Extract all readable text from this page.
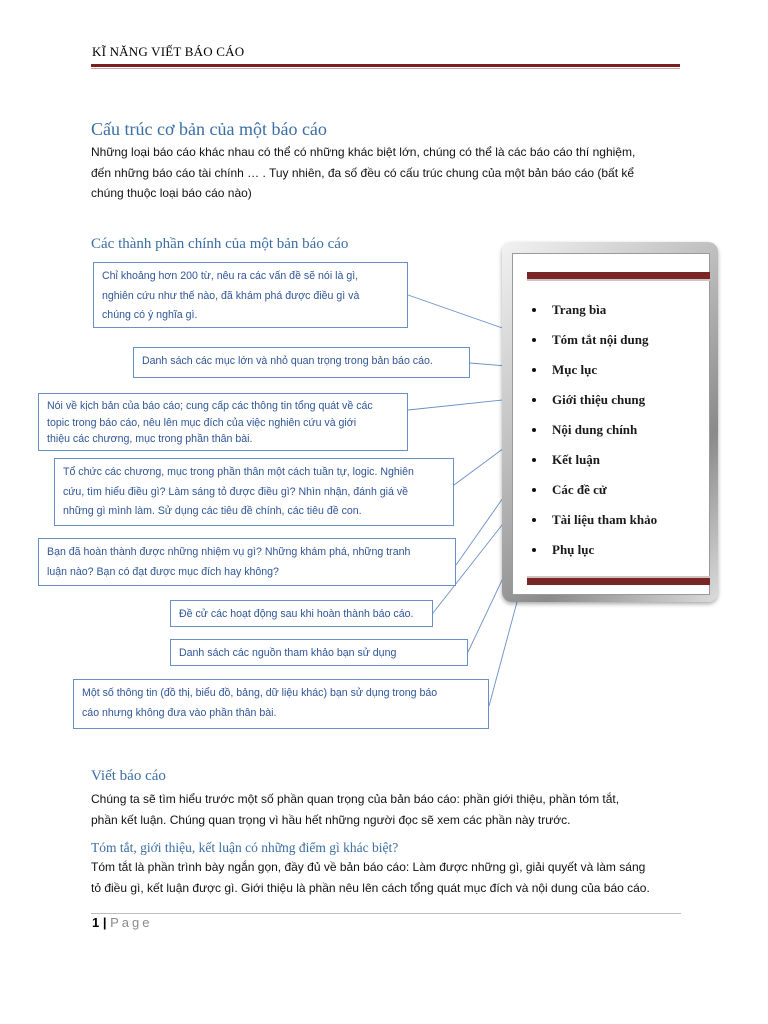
KĨ NĂNG VIẾT BÁO CÁO
Cấu trúc cơ bản của một báo cáo
Những loại báo cáo khác nhau có thể có những khác biệt lớn, chúng có thể là các báo cáo thí nghiệm,
đến những báo cáo tài chính … . Tuy nhiên, đa số đều có cấu trúc chung của một bản báo cáo (bất kể
chúng thuộc loại báo cáo nào)
Các thành phần chính của một bản báo cáo
Chỉ khoảng hơn 200 từ, nêu ra các vấn đề sẽ nói là gì,
nghiên cứu như thế nào, đã khám phá được điều gì và
chúng có ý nghĩa gì.
Danh sách các mục lớn và nhỏ quan trọng trong bản báo cáo.
Nói về kịch bản của báo cáo; cung cấp các thông tin tổng quát về các
topic trong báo cáo, nêu lên mục đích của việc nghiên cứu và giới
thiệu các chương, mục trong phần thân bài.
Tổ chức các chương, mục trong phần thân một cách tuần tự, logic. Nghiên
cứu, tìm hiểu điều gì? Làm sáng tỏ được điều gì? Nhìn nhận, đánh giá về
những gì mình làm. Sử dụng các tiêu đề chính, các tiêu đề con.
Bạn đã hoàn thành được những nhiệm vụ gì? Những khám phá, những tranh
luận nào? Bạn có đạt được mục đích hay không?
Đề cử các hoạt động sau khi hoàn thành báo cáo.
Danh sách các nguồn tham khảo bạn sử dụng
Một số thông tin (đồ thị, biểu đồ, bảng, dữ liệu khác) bạn sử dụng trong báo
cáo nhưng không đưa vào phần thân bài.
Trang bìa
Tóm tắt nội dung
Mục lục
Giới thiệu chung
Nội dung chính
Kết luận
Các đề cử
Tài liệu tham khảo
Phụ lục
Viết báo cáo
Chúng ta sẽ tìm hiểu trước một số phần quan trọng của bản báo cáo: phần giới thiệu, phần tóm tắt,
phần kết luận. Chúng quan trọng vì hầu hết những người đọc sẽ xem các phần này trước.
Tóm tắt, giới thiệu, kết luận có những điểm gì khác biệt?
Tóm tắt là phần trình bày ngắn gọn, đầy đủ về bản báo cáo: Làm được những gì, giải quyết và làm sáng
tỏ điều gì, kết luận được gì. Giới thiệu là phần nêu lên cách tổng quát mục đích và nội dung của báo cáo.
1 | Page
